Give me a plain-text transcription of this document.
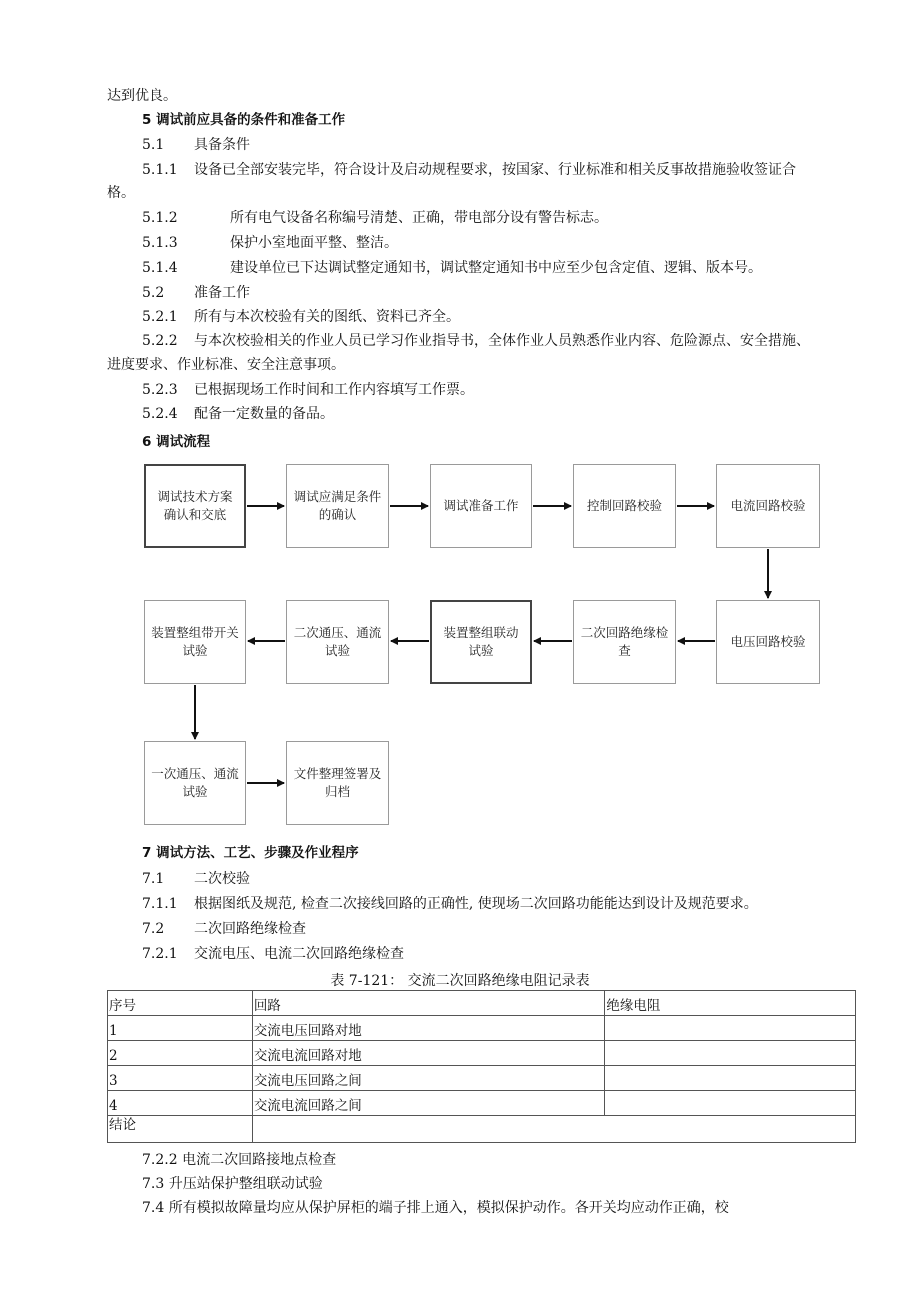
达到优良。
5 调试前应具备的条件和准备工作
5.1 具备条件
5.1.1 设备已全部安装完毕，符合设计及启动规程要求，按国家、行业标准和相关反事故措施验收签证合
格。
5.1.2	所有电气设备名称编号清楚、正确，带电部分设有警告标志。
5.1.3	保护小室地面平整、整洁。
5.1.4	建设单位已下达调试整定通知书，调试整定通知书中应至少包含定值、逻辑、版本号。
5.2 准备工作
5.2.1 所有与本次校验有关的图纸、资料已齐全。
5.2.2 与本次校验相关的作业人员已学习作业指导书，全体作业人员熟悉作业内容、危险源点、安全措施、
进度要求、作业标准、安全注意事项。
5.2.3 已根据现场工作时间和工作内容填写工作票。
5.2.4 配备一定数量的备品。
6 调试流程
调试技术方案确认和交底
调试应满足条件的确认
调试准备工作	控制回路校验	电流回路校验
电压回路校验
二次回路绝缘检查
装置整组联动试验
二次通压、通流试验
装置整组带开关试验
一次通压、通流试验
文件整理签署及归档
7 调试方法、工艺、步骤及作业程序
7.1 二次校验
7.1.1 根据图纸及规范, 检查二次接线回路的正确性, 使现场二次回路功能能达到设计及规范要求。
7.2 二次回路绝缘检查
7.2.1 交流电压、电流二次回路绝缘检查
表 7-121： 交流二次回路绝缘电阻记录表
序号	回路	绝缘电阻
1	交流电压回路对地	
2	交流电流回路对地	
3	交流电压回路之间	
4	交流电流回路之间	
结论		
7.2.2 电流二次回路接地点检查
7.3 升压站保护整组联动试验
7.4 所有模拟故障量均应从保护屏柜的端子排上通入，模拟保护动作。各开关均应动作正确，校
